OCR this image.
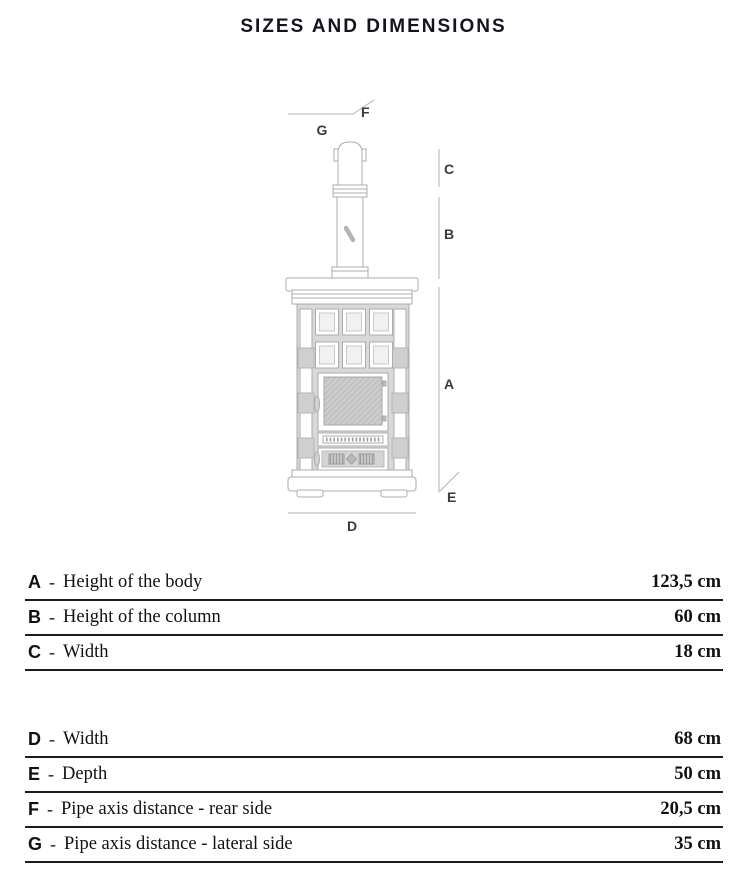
SIZES AND DIMENSIONS
F
G
C
B
A
E
D
A - Height of the body	123,5 cm
B - Height of the column	60 cm
C - Width	18 cm
D - Width	68 cm
E - Depth	50 cm
F - Pipe axis distance - rear side	20,5 cm
G - Pipe axis distance - lateral side	35 cm
